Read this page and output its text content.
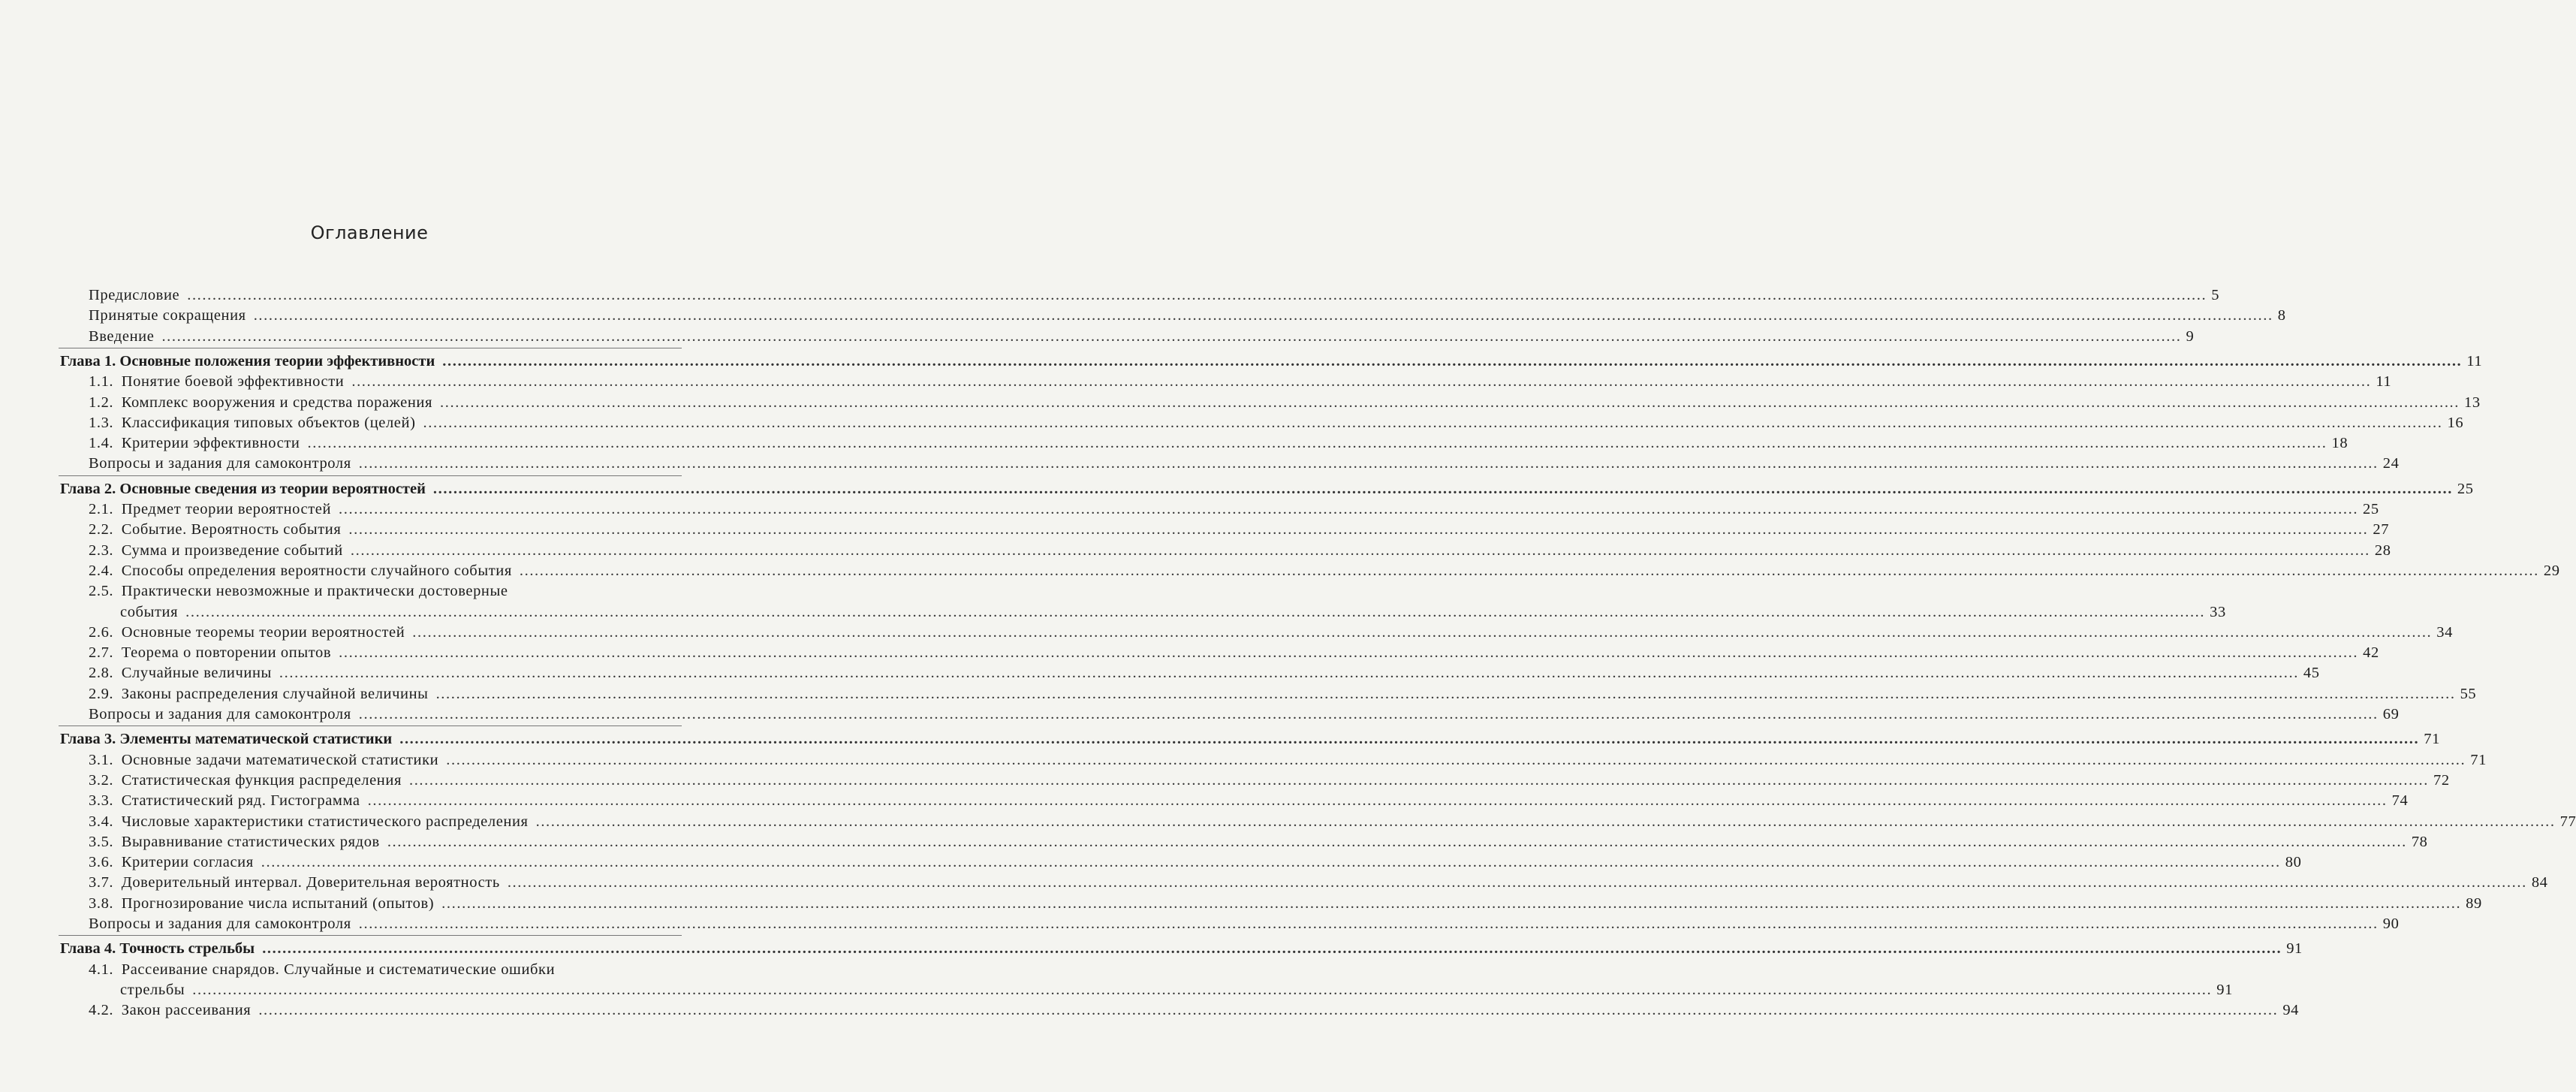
Оглавление
Предисловие ................................................................................................................................................................................................................................................................................................................................................................................................................ 5
Принятые сокращения ................................................................................................................................................................................................................................................................................................................................................................................................................ 8
Введение ................................................................................................................................................................................................................................................................................................................................................................................................................ 9
Глава 1. Основные положения теории эффективности ................................................................................................................................................................................................................................................................................................................................................................................................................ 11
1.1. Понятие боевой эффективности ................................................................................................................................................................................................................................................................................................................................................................................................................ 11
1.2. Комплекс вооружения и средства поражения ................................................................................................................................................................................................................................................................................................................................................................................................................ 13
1.3. Классификация типовых объектов (целей) ................................................................................................................................................................................................................................................................................................................................................................................................................ 16
1.4. Критерии эффективности ................................................................................................................................................................................................................................................................................................................................................................................................................ 18
Вопросы и задания для самоконтроля ................................................................................................................................................................................................................................................................................................................................................................................................................ 24
Глава 2. Основные сведения из теории вероятностей ................................................................................................................................................................................................................................................................................................................................................................................................................ 25
2.1. Предмет теории вероятностей ................................................................................................................................................................................................................................................................................................................................................................................................................ 25
2.2. Событие. Вероятность события ................................................................................................................................................................................................................................................................................................................................................................................................................ 27
2.3. Сумма и произведение событий ................................................................................................................................................................................................................................................................................................................................................................................................................ 28
2.4. Способы определения вероятности случайного события ................................................................................................................................................................................................................................................................................................................................................................................................................ 29
2.5. Практически невозможные и практически достоверные
события ................................................................................................................................................................................................................................................................................................................................................................................................................ 33
2.6. Основные теоремы теории вероятностей ................................................................................................................................................................................................................................................................................................................................................................................................................ 34
2.7. Теорема о повторении опытов ................................................................................................................................................................................................................................................................................................................................................................................................................ 42
2.8. Случайные величины ................................................................................................................................................................................................................................................................................................................................................................................................................ 45
2.9. Законы распределения случайной величины ................................................................................................................................................................................................................................................................................................................................................................................................................ 55
Вопросы и задания для самоконтроля ................................................................................................................................................................................................................................................................................................................................................................................................................ 69
Глава 3. Элементы математической статистики ................................................................................................................................................................................................................................................................................................................................................................................................................ 71
3.1. Основные задачи математической статистики ................................................................................................................................................................................................................................................................................................................................................................................................................ 71
3.2. Статистическая функция распределения ................................................................................................................................................................................................................................................................................................................................................................................................................ 72
3.3. Статистический ряд. Гистограмма ................................................................................................................................................................................................................................................................................................................................................................................................................ 74
3.4. Числовые характеристики статистического распределения ................................................................................................................................................................................................................................................................................................................................................................................................................ 77
3.5. Выравнивание статистических рядов ................................................................................................................................................................................................................................................................................................................................................................................................................ 78
3.6. Критерии согласия ................................................................................................................................................................................................................................................................................................................................................................................................................ 80
3.7. Доверительный интервал. Доверительная вероятность ................................................................................................................................................................................................................................................................................................................................................................................................................ 84
3.8. Прогнозирование числа испытаний (опытов) ................................................................................................................................................................................................................................................................................................................................................................................................................ 89
Вопросы и задания для самоконтроля ................................................................................................................................................................................................................................................................................................................................................................................................................ 90
Глава 4. Точность стрельбы ................................................................................................................................................................................................................................................................................................................................................................................................................ 91
4.1. Рассеивание снарядов. Случайные и систематические ошибки
стрельбы ................................................................................................................................................................................................................................................................................................................................................................................................................ 91
4.2. Закон рассеивания ................................................................................................................................................................................................................................................................................................................................................................................................................ 94
